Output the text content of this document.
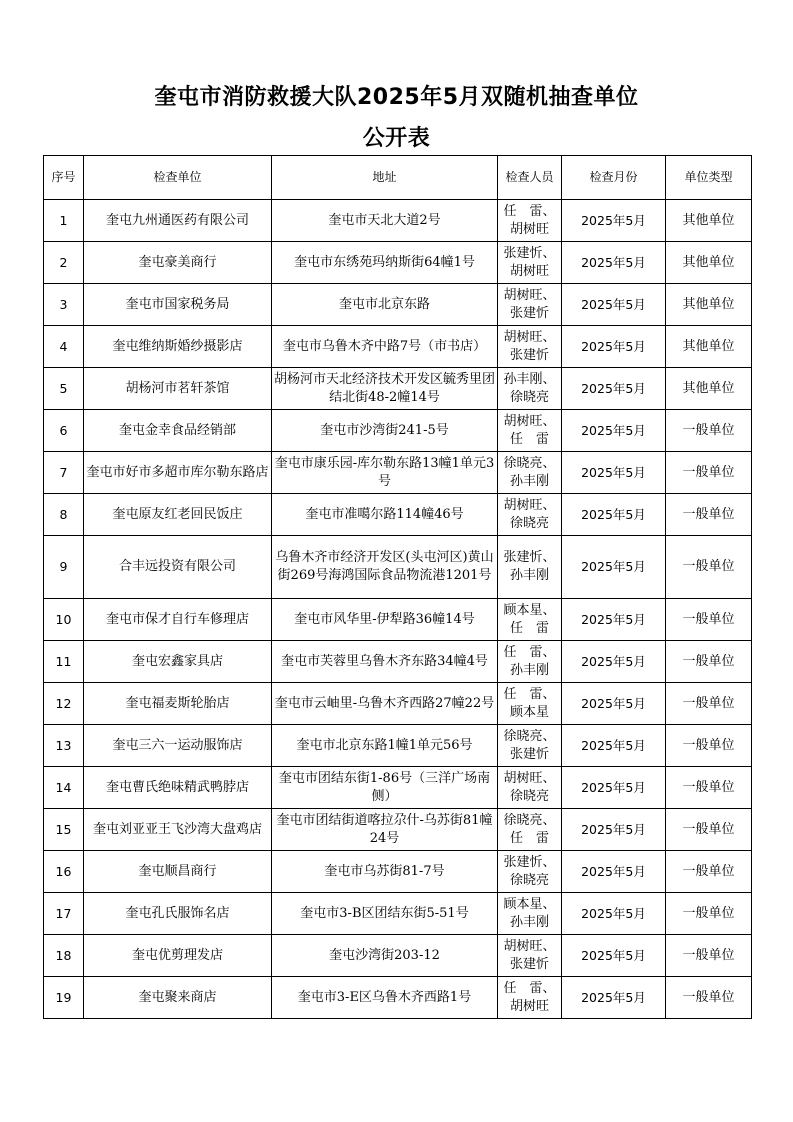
奎屯市消防救援大队2025年5月双随机抽查单位
公开表
序号	检查单位	地址	检查人员	检查月份	单位类型
1	奎屯九州通医药有限公司	奎屯市天北大道2号	任　雷、胡树旺	2025年5月	其他单位
2	奎屯豪美商行	奎屯市东绣苑玛纳斯街64幢1号	张建忻、胡树旺	2025年5月	其他单位
3	奎屯市国家税务局	奎屯市北京东路	胡树旺、张建忻	2025年5月	其他单位
4	奎屯维纳斯婚纱摄影店	奎屯市乌鲁木齐中路7号（市书店）	胡树旺、张建忻	2025年5月	其他单位
5	胡杨河市茗轩茶馆	胡杨河市天北经济技术开发区毓秀里团结北街48-2幢14号	孙丰刚、徐晓亮	2025年5月	其他单位
6	奎屯金幸食品经销部	奎屯市沙湾街241-5号	胡树旺、任　雷	2025年5月	一般单位
7	奎屯市好市多超市库尔勒东路店	奎屯市康乐园-库尔勒东路13幢1单元3号	徐晓亮、孙丰刚	2025年5月	一般单位
8	奎屯原友红老回民饭庄	奎屯市准噶尔路114幢46号	胡树旺、徐晓亮	2025年5月	一般单位
9	合丰远投资有限公司	乌鲁木齐市经济开发区(头屯河区)黄山街269号海鸿国际食品物流港1201号	张建忻、孙丰刚	2025年5月	一般单位
10	奎屯市保才自行车修理店	奎屯市风华里-伊犁路36幢14号	顾本星、任　雷	2025年5月	一般单位
11	奎屯宏鑫家具店	奎屯市芙蓉里乌鲁木齐东路34幢4号	任　雷、孙丰刚	2025年5月	一般单位
12	奎屯福麦斯轮胎店	奎屯市云岫里-乌鲁木齐西路27幢22号	任　雷、顾本星	2025年5月	一般单位
13	奎屯三六一运动服饰店	奎屯市北京东路1幢1单元56号	徐晓亮、张建忻	2025年5月	一般单位
14	奎屯曹氏绝味精武鸭脖店	奎屯市团结东街1-86号（三洋广场南侧）	胡树旺、徐晓亮	2025年5月	一般单位
15	奎屯刘亚亚王飞沙湾大盘鸡店	奎屯市团结街道喀拉尕什-乌苏街81幢24号	徐晓亮、任　雷	2025年5月	一般单位
16	奎屯顺昌商行	奎屯市乌苏街81-7号	张建忻、徐晓亮	2025年5月	一般单位
17	奎屯孔氏服饰名店	奎屯市3-B区团结东街5-51号	顾本星、孙丰刚	2025年5月	一般单位
18	奎屯优剪理发店	奎屯沙湾街203-12	胡树旺、张建忻	2025年5月	一般单位
19	奎屯聚来商店	奎屯市3-E区乌鲁木齐西路1号	任　雷、胡树旺	2025年5月	一般单位
